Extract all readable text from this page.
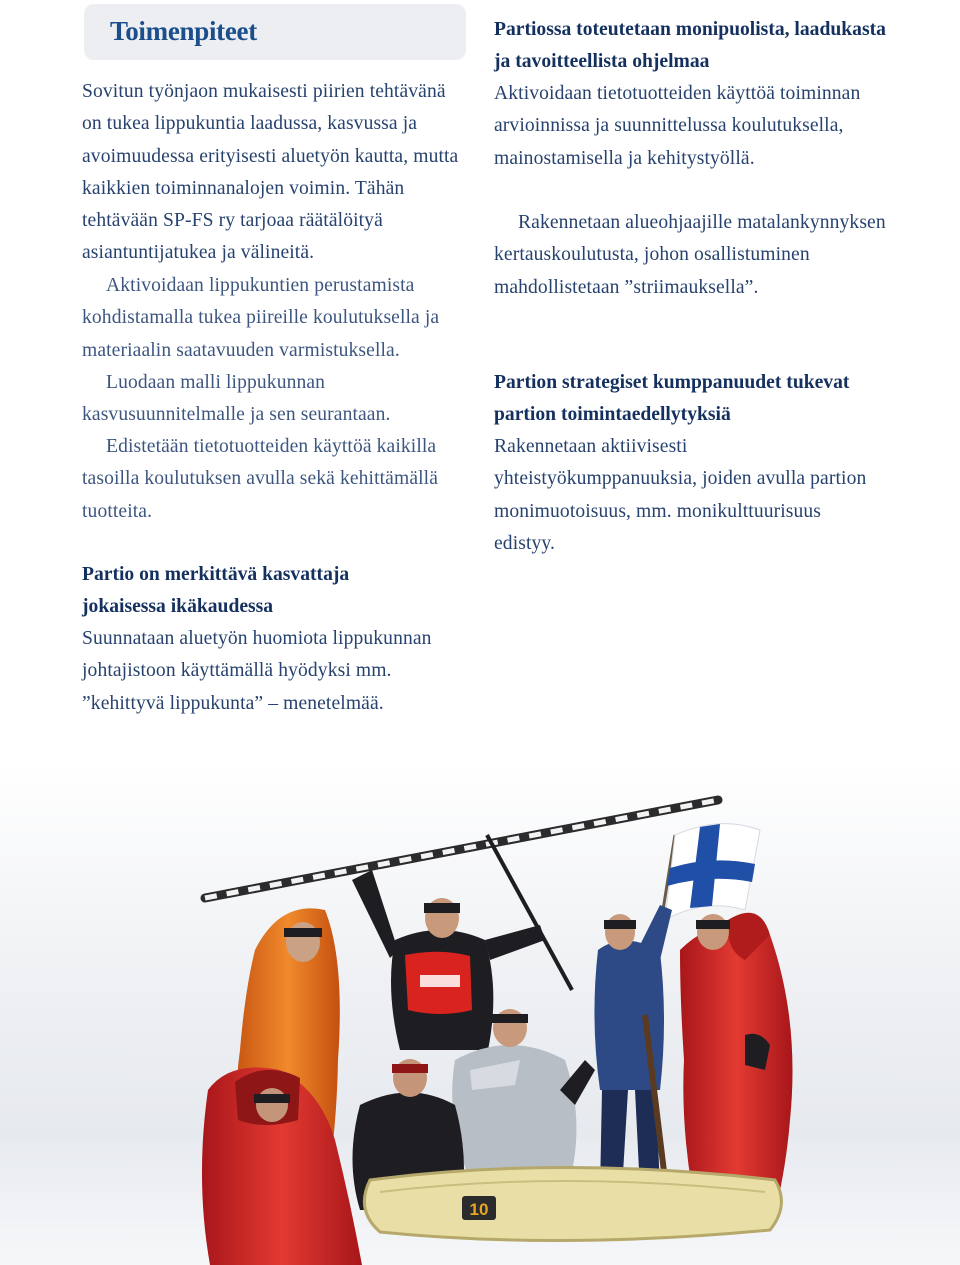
Toimenpiteet

Sovitun työnjaon mukaisesti piirien tehtävänä on tukea lippukuntia laadussa, kasvussa ja avoimuudessa erityisesti aluetyön kautta, mutta kaikkien toiminnanalojen voimin. Tähän tehtävään SP-FS ry tarjoaa räätälöityä asiantuntijatukea ja välineitä.

Aktivoidaan lippukuntien perustamista kohdistamalla tukea piireille koulutuksella ja materiaalin saatavuuden varmistuksella.

Luodaan malli lippukunnan kasvusuunnitelmalle ja sen seurantaan.

Edistetään tietotuotteiden käyttöä kaikilla tasoilla koulutuksen avulla sekä kehittämällä tuotteita.

Partio on merkittävä kasvattaja jokaisessa ikäkaudessa

Suunnataan aluetyön huomiota lippukunnan johtajistoon käyttämällä hyödyksi mm. ”kehittyvä lippukunta” – menetelmää.

Partiossa toteutetaan monipuolista, laadukasta ja tavoitteellista ohjelmaa

Aktivoidaan tietotuotteiden käyttöä toiminnan arvioinnissa ja suunnittelussa koulutuksella, mainostamisella ja kehitystyöllä.

Rakennetaan alueohjaajille matalankynnyksen kertauskoulutusta, johon osallistuminen mahdollistetaan ”striimauksella”.

Partion strategiset kumppanuudet tukevat partion toimintaedellytyksiä

Rakennetaan aktiivisesti yhteistyökumppanuuksia, joiden avulla partion monimuotoisuus, mm. monikulttuurisuus edistyy.

10
